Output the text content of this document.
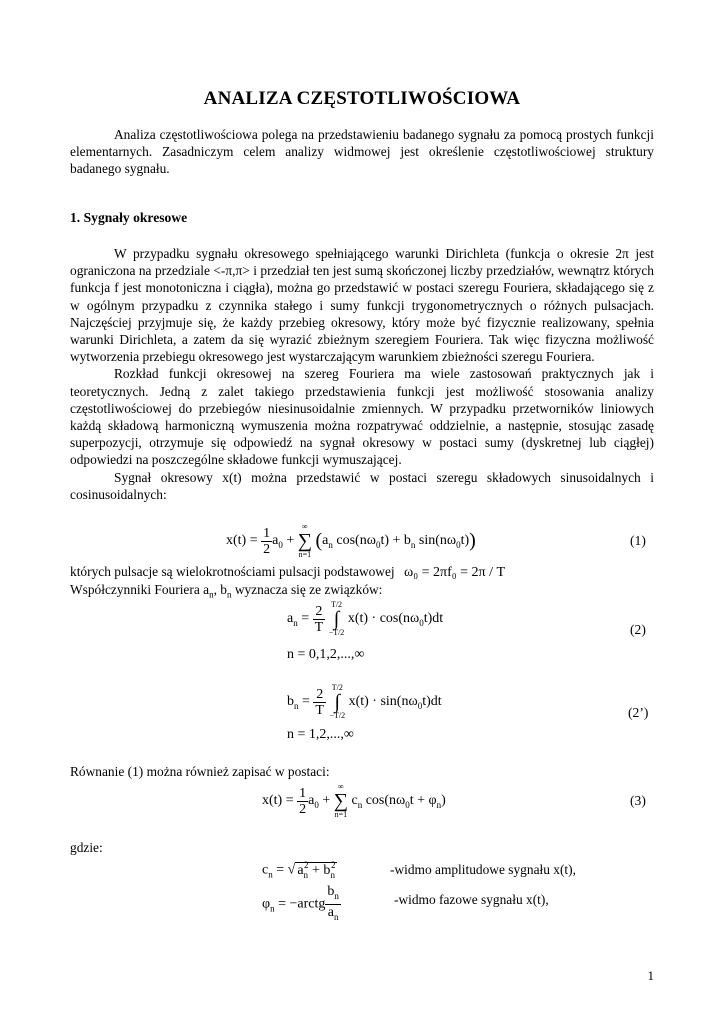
ANALIZA CZĘSTOTLIWOŚCIOWA

Analiza częstotliwościowa polega na przedstawieniu badanego sygnału za pomocą prostych funkcji elementarnych. Zasadniczym celem analizy widmowej jest określenie częstotliwościowej struktury badanego sygnału.

1. Sygnały okresowe

W przypadku sygnału okresowego spełniającego warunki Dirichleta (funkcja o okresie 2π jest ograniczona na przedziale <-π,π> i przedział ten jest sumą skończonej liczby przedziałów, wewnątrz których funkcja f jest monotoniczna i ciągła), można go przedstawić w postaci szeregu Fouriera, składającego się z w ogólnym przypadku z czynnika stałego i sumy funkcji trygonometrycznych o różnych pulsacjach. Najczęściej przyjmuje się, że każdy przebieg okresowy, który może być fizycznie realizowany, spełnia warunki Dirichleta, a zatem da się wyrazić zbieżnym szeregiem Fouriera. Tak więc fizyczna możliwość wytworzenia przebiegu okresowego jest wystarczającym warunkiem zbieżności szeregu Fouriera.

Rozkład funkcji okresowej na szereg Fouriera ma wiele zastosowań praktycznych jak i teoretycznych. Jedną z zalet takiego przedstawienia funkcji jest możliwość stosowania analizy częstotliwościowej do przebiegów niesinusoidalnie zmiennych. W przypadku przetworników liniowych każdą składową harmoniczną wymuszenia można rozpatrywać oddzielnie, a następnie, stosując zasadę superpozycji, otrzymuje się odpowiedź na sygnał okresowy w postaci sumy (dyskretnej lub ciągłej) odpowiedzi na poszczególne składowe funkcji wymuszającej.

Sygnał okresowy x(t) można przedstawić w postaci szeregu składowych sinusoidalnych i cosinusoidalnych:

$x(t) = \frac{1}{2} a_0$ +
∞
∑
n=1
($a_n$ $\cos(n\omega_0t) + b_n$ $\sin(n\omega_0t)$)	(1)
których pulsacje są wielokrotnościami pulsacji podstawowej ω₀ = 2πf₀ = 2π / T
Współczynniki Fouriera $a_n$, $b_n$ wyznacza się ze związków:
$a_n = \frac{2}{T}$
T/2
∫
−T/2
$x(t) \cdot \cos(n\omega_0t)dt$
(2)
n = 0,1,2,...,∞
$b_n = \frac{2}{T}$
T/2
∫
−T/2
$x(t) \cdot \sin(n\omega_0t)dt$
(2’)
n = 1,2,...,∞
Równanie (1) można również zapisać w postaci:
$x(t) = \frac{1}{2} a_0$ +
∞
∑
n=1
$c_n$ $\cos(n\omega_0t + \varphi_n)$	(3)
gdzie:
$c_n$ = √ $a_n^2 + b_n^2$	-widmo amplitudowe sygnału x(t),
$\varphi_n$ = −arctg $\frac{b_n}{a_n}$	-widmo fazowe sygnału x(t),
1
